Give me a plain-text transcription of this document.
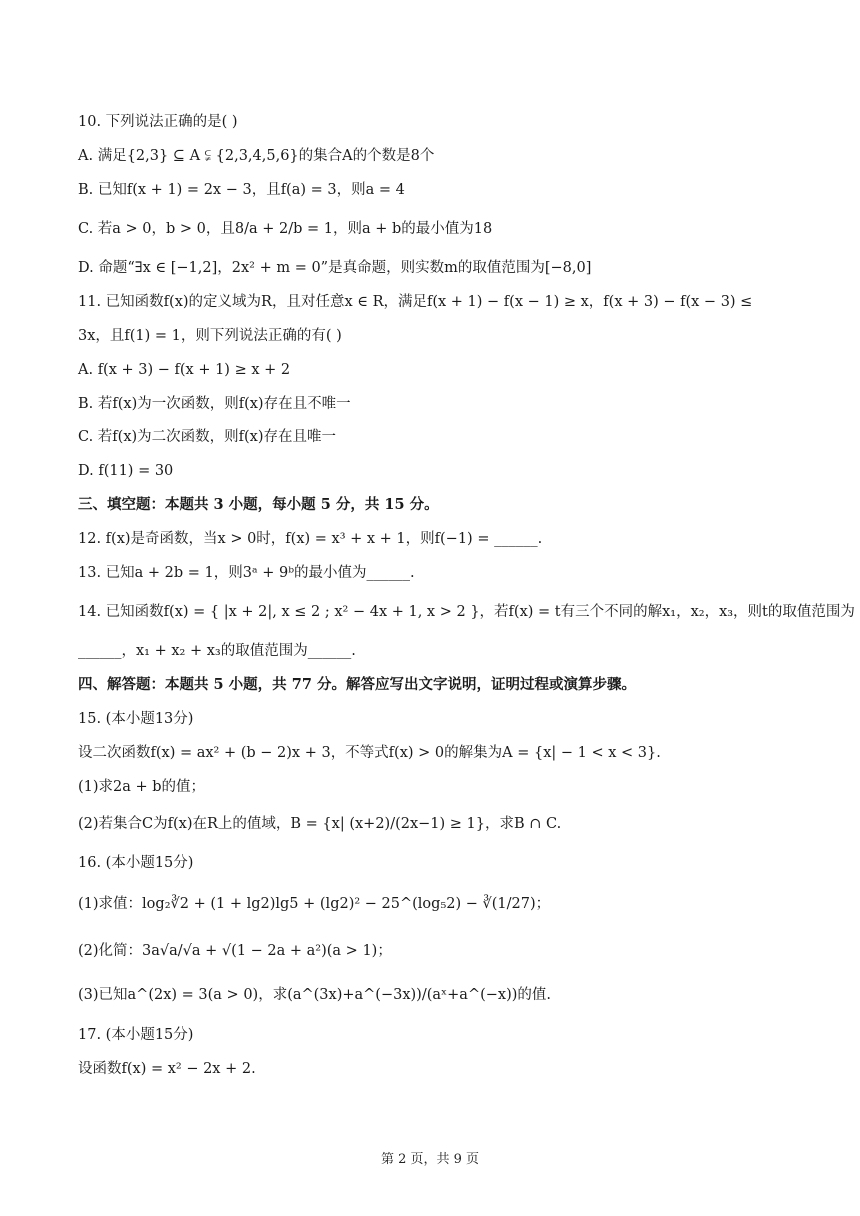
10. 下列说法正确的是( )
A. 满足{2,3} ⊆ A ⫋ {2,3,4,5,6}的集合A的个数是8个
B. 已知f(x + 1) = 2x − 3，且f(a) = 3，则a = 4
C. 若a > 0，b > 0，且8/a + 2/b = 1，则a + b的最小值为18
D. 命题“∃x ∈ [−1,2]，2x² + m = 0”是真命题，则实数m的取值范围为[−8,0]
11. 已知函数f(x)的定义域为R，且对任意x ∈ R，满足f(x + 1) − f(x − 1) ≥ x，f(x + 3) − f(x − 3) ≤
3x，且f(1) = 1，则下列说法正确的有( )
A. f(x + 3) − f(x + 1) ≥ x + 2
B. 若f(x)为一次函数，则f(x)存在且不唯一
C. 若f(x)为二次函数，则f(x)存在且唯一
D. f(11) = 30
三、填空题：本题共 3 小题，每小题 5 分，共 15 分。
12. f(x)是奇函数，当x > 0时，f(x) = x³ + x + 1，则f(−1) = ______.
13. 已知a + 2b = 1，则3ᵃ + 9ᵇ的最小值为______.
14. 已知函数f(x) = { |x + 2|, x ≤ 2 ; x² − 4x + 1, x > 2 }，若f(x) = t有三个不同的解x₁，x₂，x₃，则t的取值范围为
______，x₁ + x₂ + x₃的取值范围为______.
四、解答题：本题共 5 小题，共 77 分。解答应写出文字说明，证明过程或演算步骤。
15. (本小题13分)
设二次函数f(x) = ax² + (b − 2)x + 3，不等式f(x) > 0的解集为A = {x| − 1 < x < 3}.
(1)求2a + b的值；
(2)若集合C为f(x)在R上的值域，B = {x| (x+2)/(2x−1) ≥ 1}，求B ∩ C.
16. (本小题15分)
(1)求值：log₂∛2 + (1 + lg2)lg5 + (lg2)² − 25^(log₅2) − ∛(1/27)；
(2)化简：3a√a/√a + √(1 − 2a + a²)(a > 1)；
(3)已知a^(2x) = 3(a > 0)，求(a^(3x)+a^(−3x))/(aˣ+a^(−x))的值.
17. (本小题15分)
设函数f(x) = x² − 2x + 2.
第 2 页，共 9 页
